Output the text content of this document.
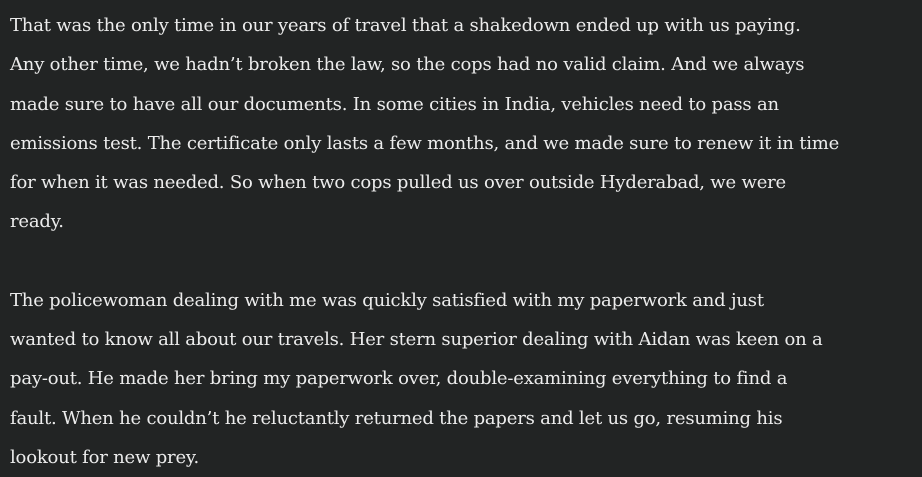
That was the only time in our years of travel that a shakedown ended up with us paying.
Any other time, we hadn’t broken the law, so the cops had no valid claim. And we always
made sure to have all our documents. In some cities in India, vehicles need to pass an
emissions test. The certificate only lasts a few months, and we made sure to renew it in time
for when it was needed. So when two cops pulled us over outside Hyderabad, we were
ready.

The policewoman dealing with me was quickly satisfied with my paperwork and just
wanted to know all about our travels. Her stern superior dealing with Aidan was keen on a
pay-out. He made her bring my paperwork over, double-examining everything to find a
fault. When he couldn’t he reluctantly returned the papers and let us go, resuming his
lookout for new prey.
